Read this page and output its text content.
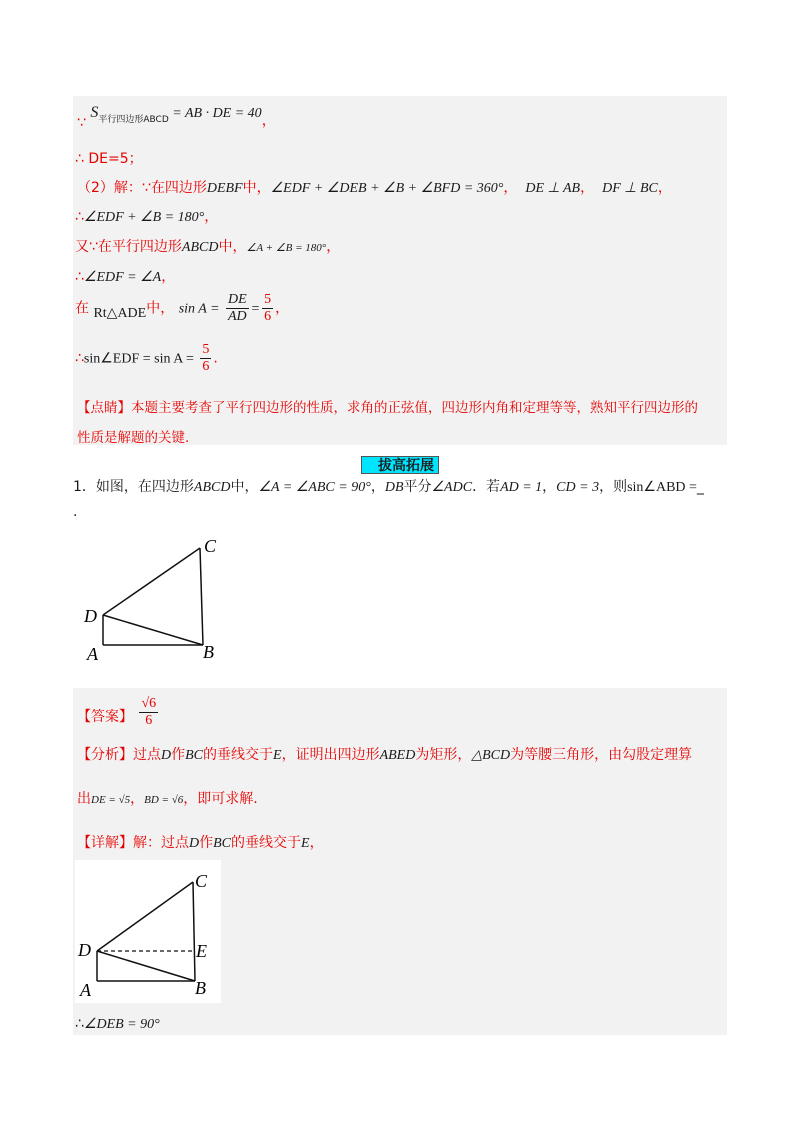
∵ $S_{平行四边形ABCD}$ = AB · DE = 40，
∴ DE=5；
（2）解：∵在四边形DEBF中，∠EDF + ∠DEB + ∠B + ∠BFD = 360°， DE ⊥ AB， DF ⊥ BC，
∴∠EDF + ∠B = 180°，
又∵在平行四边形ABCD中，∠A + ∠B = 180°，
∴∠EDF = ∠A，
在 Rt△ADE中， $\sin A = \frac{DE}{AD} = \frac{5}{6}$ ，
∴sin∠EDF = $\sin A = \frac{5}{6}$ .
【点睛】本题主要考查了平行四边形的性质，求角的正弦值，四边形内角和定理等等，熟知平行四边形的
性质是解题的关键.
拔高拓展
1．如图，在四边形ABCD中，∠A = ∠ABC = 90°，DB平分∠ADC．若AD = 1，CD = 3，则sin∠ABD =_
.
C
D
A	B
【答案】 $\frac{√6}{6}$
【分析】过点D作BC的垂线交于E，证明出四边形ABED为矩形，△BCD为等腰三角形，由勾股定理算
出DE = √5，BD = √6，即可求解.
【详解】解：过点D作BC的垂线交于E，
C
D	E
A	B
∴∠DEB = 90°
